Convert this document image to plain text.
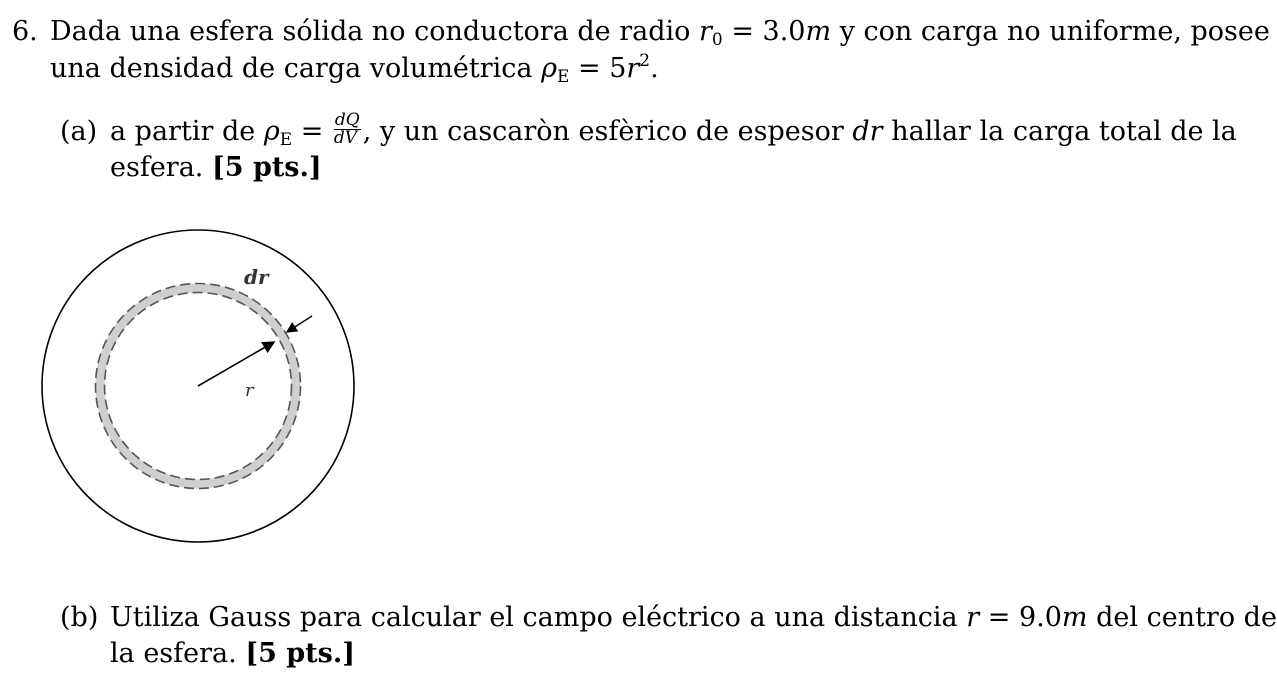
6. Dada una esfera sólida no conductora de radio $r_0 = 3.0m$ y con carga no uniforme, posee
una densidad de carga volumétrica $\rho_E = 5r^2$.
(a) a partir de $\rho_E = \frac{dQ}{dV}$ , y un cascaròn esfèrico de espesor dr hallar la carga total de la
esfera. [5 pts.]
dr
r
(b) Utiliza Gauss para calcular el campo eléctrico a una distancia r = 9.0m del centro de
la esfera. [5 pts.]
